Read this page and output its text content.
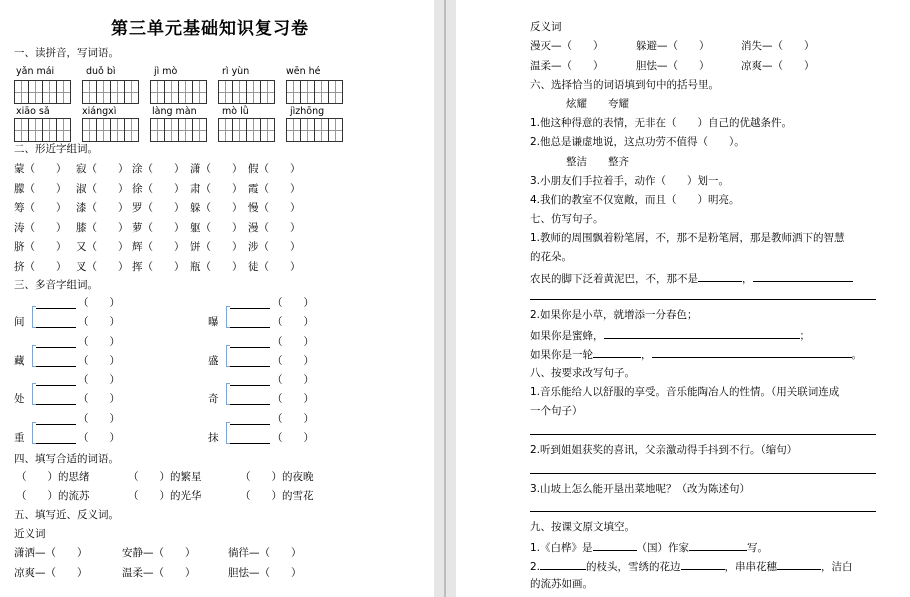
第三单元基础知识复习卷
一、读拼音，写词语。
yǎn mái	duǒ bì	jì mò	rì yùn	wēn hé
xiāo sǎ	xiángxì	làng màn	mò lǜ	jìzhōng
二、形近字组词。
蒙（　　） 寂（　　） 涂（　　） 潇（　　） 假（　　）
朦（　　） 淑（　　） 徐（　　） 肃（　　） 霞（　　）
筹（　　） 漆（　　） 罗（　　） 躲（　　） 慢（　　）
涛（　　） 膝（　　） 萝（　　） 躯（　　） 漫（　　）
脐（　　） 又（　　） 辉（　　） 饼（　　） 涉（　　）
挤（　　） 叉（　　） 挥（　　） 瓶（　　） 徒（　　）
三、多音字组词。
间
（　　）
（　　）
藏
（　　）
（　　）
处
（　　）
（　　）
重
（　　）
（　　）
曝
（　　）
（　　）
盛
（　　）
（　　）
奇
（　　）
（　　）
抹
（　　）
（　　）
四、填写合适的词语。
（　　）的思绪	（　　）的繁星	（　　）的夜晚
（　　）的流苏	（　　）的光华	（　　）的雪花
五、填写近、反义词。
近义词
潇洒—（　　）	安静—（　　）	徜徉—（　　）
凉爽—（　　）	温柔—（　　）	胆怯—（　　）
反义词
漫灭—（　　）	躲避—（　　）	消失—（　　）
温柔—（　　）	胆怯—（　　）	凉爽—（　　）
六、选择恰当的词语填到句中的括号里。
炫耀　　夸耀
1.他这种得意的表情，无非在（　　）自己的优越条件。
2.他总是谦虚地说，这点功劳不值得（　　）。
整洁　　整齐
3.小朋友们手拉着手，动作（　　）划一。
4.我们的教室不仅宽敞，而且（　　）明亮。
七、仿写句子。
1.教师的周围飘着粉笔屑，不，那不是粉笔屑，那是教师洒下的智慧
的花朵。
农民的脚下泛着黄泥巴，不，那不是	，
2.如果你是小草，就增添一分春色；
如果你是蜜蜂，	；
如果你是一轮	，	。
八、按要求改写句子。
1.音乐能给人以舒服的享受。音乐能陶冶人的性情。（用关联词连成
一个句子）
2.听到姐姐获奖的喜讯，父亲激动得手抖到不行。（缩句）
3.山坡上怎么能开垦出菜地呢？（改为陈述句）
九、按课文原文填空。
1.《白桦》是	（国）作家	写。
2.	的枝头，雪绣的花边	，串串花穗	，洁白
的流苏如画。
